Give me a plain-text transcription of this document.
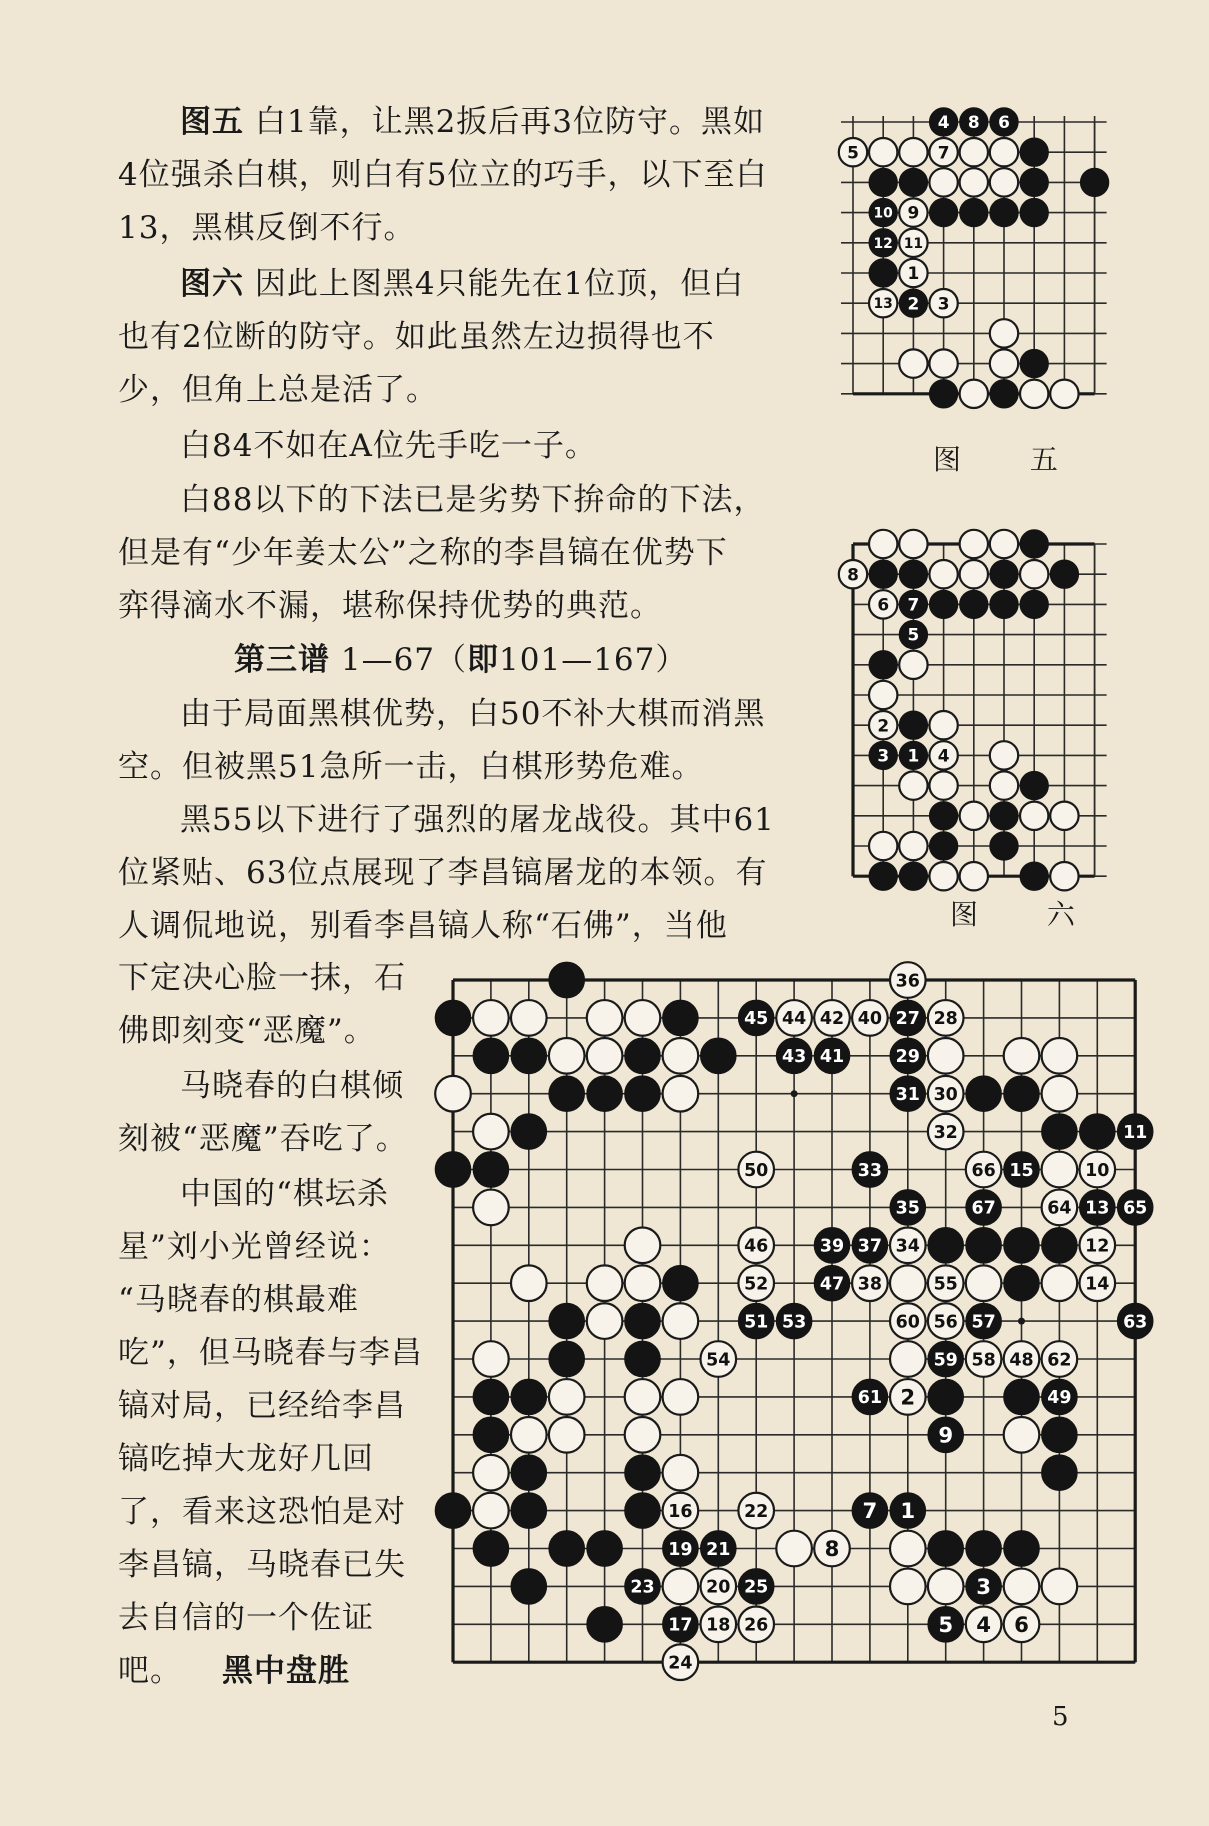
图五 白1靠，让黑2扳后再3位防守。黑如
4位强杀白棋，则白有5位立的巧手，以下至白
13，黑棋反倒不行。

图六 因此上图黑4只能先在1位顶，但白
也有2位断的防守。如此虽然左边损得也不
少，但角上总是活了。

白84不如在A位先手吃一子。

白88以下的下法已是劣势下拚命的下法，
但是有“少年姜太公”之称的李昌镐在优势下
弈得滴水不漏，堪称保持优势的典范。

第三谱 1—67（即101—167）

由于局面黑棋优势，白50不补大棋而消黑
空。但被黑51急所一击，白棋形势危难。

黑55以下进行了强烈的屠龙战役。其中61
位紧贴、63位点展现了李昌镐屠龙的本领。有
人调侃地说，别看李昌镐人称“石佛”，当他

下定决心脸一抹，石
佛即刻变“恶魔”。

马晓春的白棋倾
刻被“恶魔”吞吃了。

中国的“棋坛杀
星”刘小光曾经说：
“马晓春的棋最难
吃”，但马晓春与李昌
镐对局，已经给李昌
镐吃掉大龙好几回
了，看来这恐怕是对
李昌镐，马晓春已失
去自信的一个佐证
吧。 黑中盘胜

4 8 6
5	7
10 9
12 11
1
13 2 3
图 五
8
6 7
5
2
3 1 4
图 六
36
45 44 42 40 27 28
43 41	29
31 30
32	11
50	33	66 15	10
35	67	64 13 65
46	39 37 34	12
52	47 38	55	14
51 53	60 56 57	63
54	59 58 48 62
61 2	49
9
16	22	7 1
19 21	8
23	20 25	3
17 18 26	5 4 6
24
5
